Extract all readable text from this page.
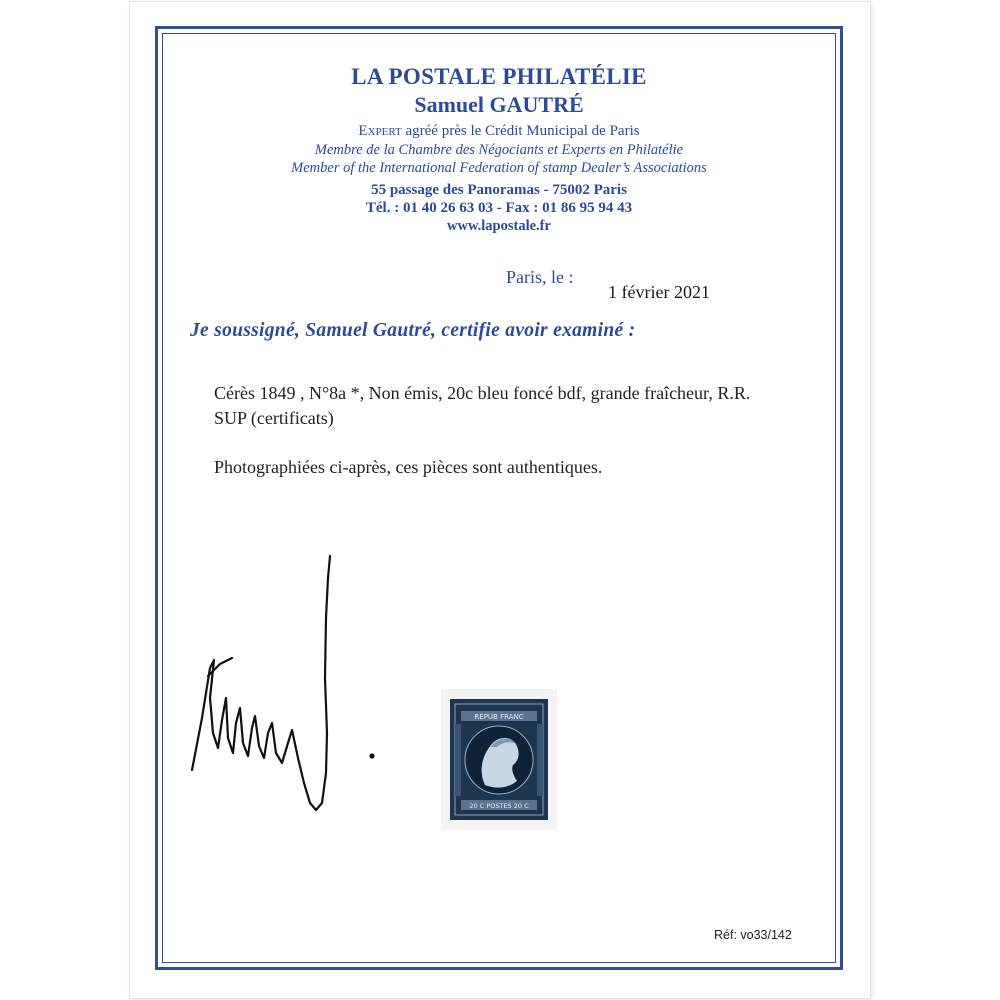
LA POSTALE PHILATÉLIE
Samuel GAUTRÉ
Expert agréé près le Crédit Municipal de Paris
Membre de la Chambre des Négociants et Experts en Philatélie
Member of the International Federation of stamp Dealer’s Associations
55 passage des Panoramas - 75002 Paris
Tél. : 01 40 26 63 03 - Fax : 01 86 95 94 43
www.lapostale.fr
Paris, le :
1 février 2021
Je soussigné, Samuel Gautré, certifie avoir examiné :
Cérès 1849 , N°8a *, Non émis, 20c bleu foncé bdf, grande fraîcheur, R.R. SUP (certificats)
Photographiées ci-après, ces pièces sont authentiques.
REPUB FRANC
20 C POSTES 20 C
Réf: vo33/142
